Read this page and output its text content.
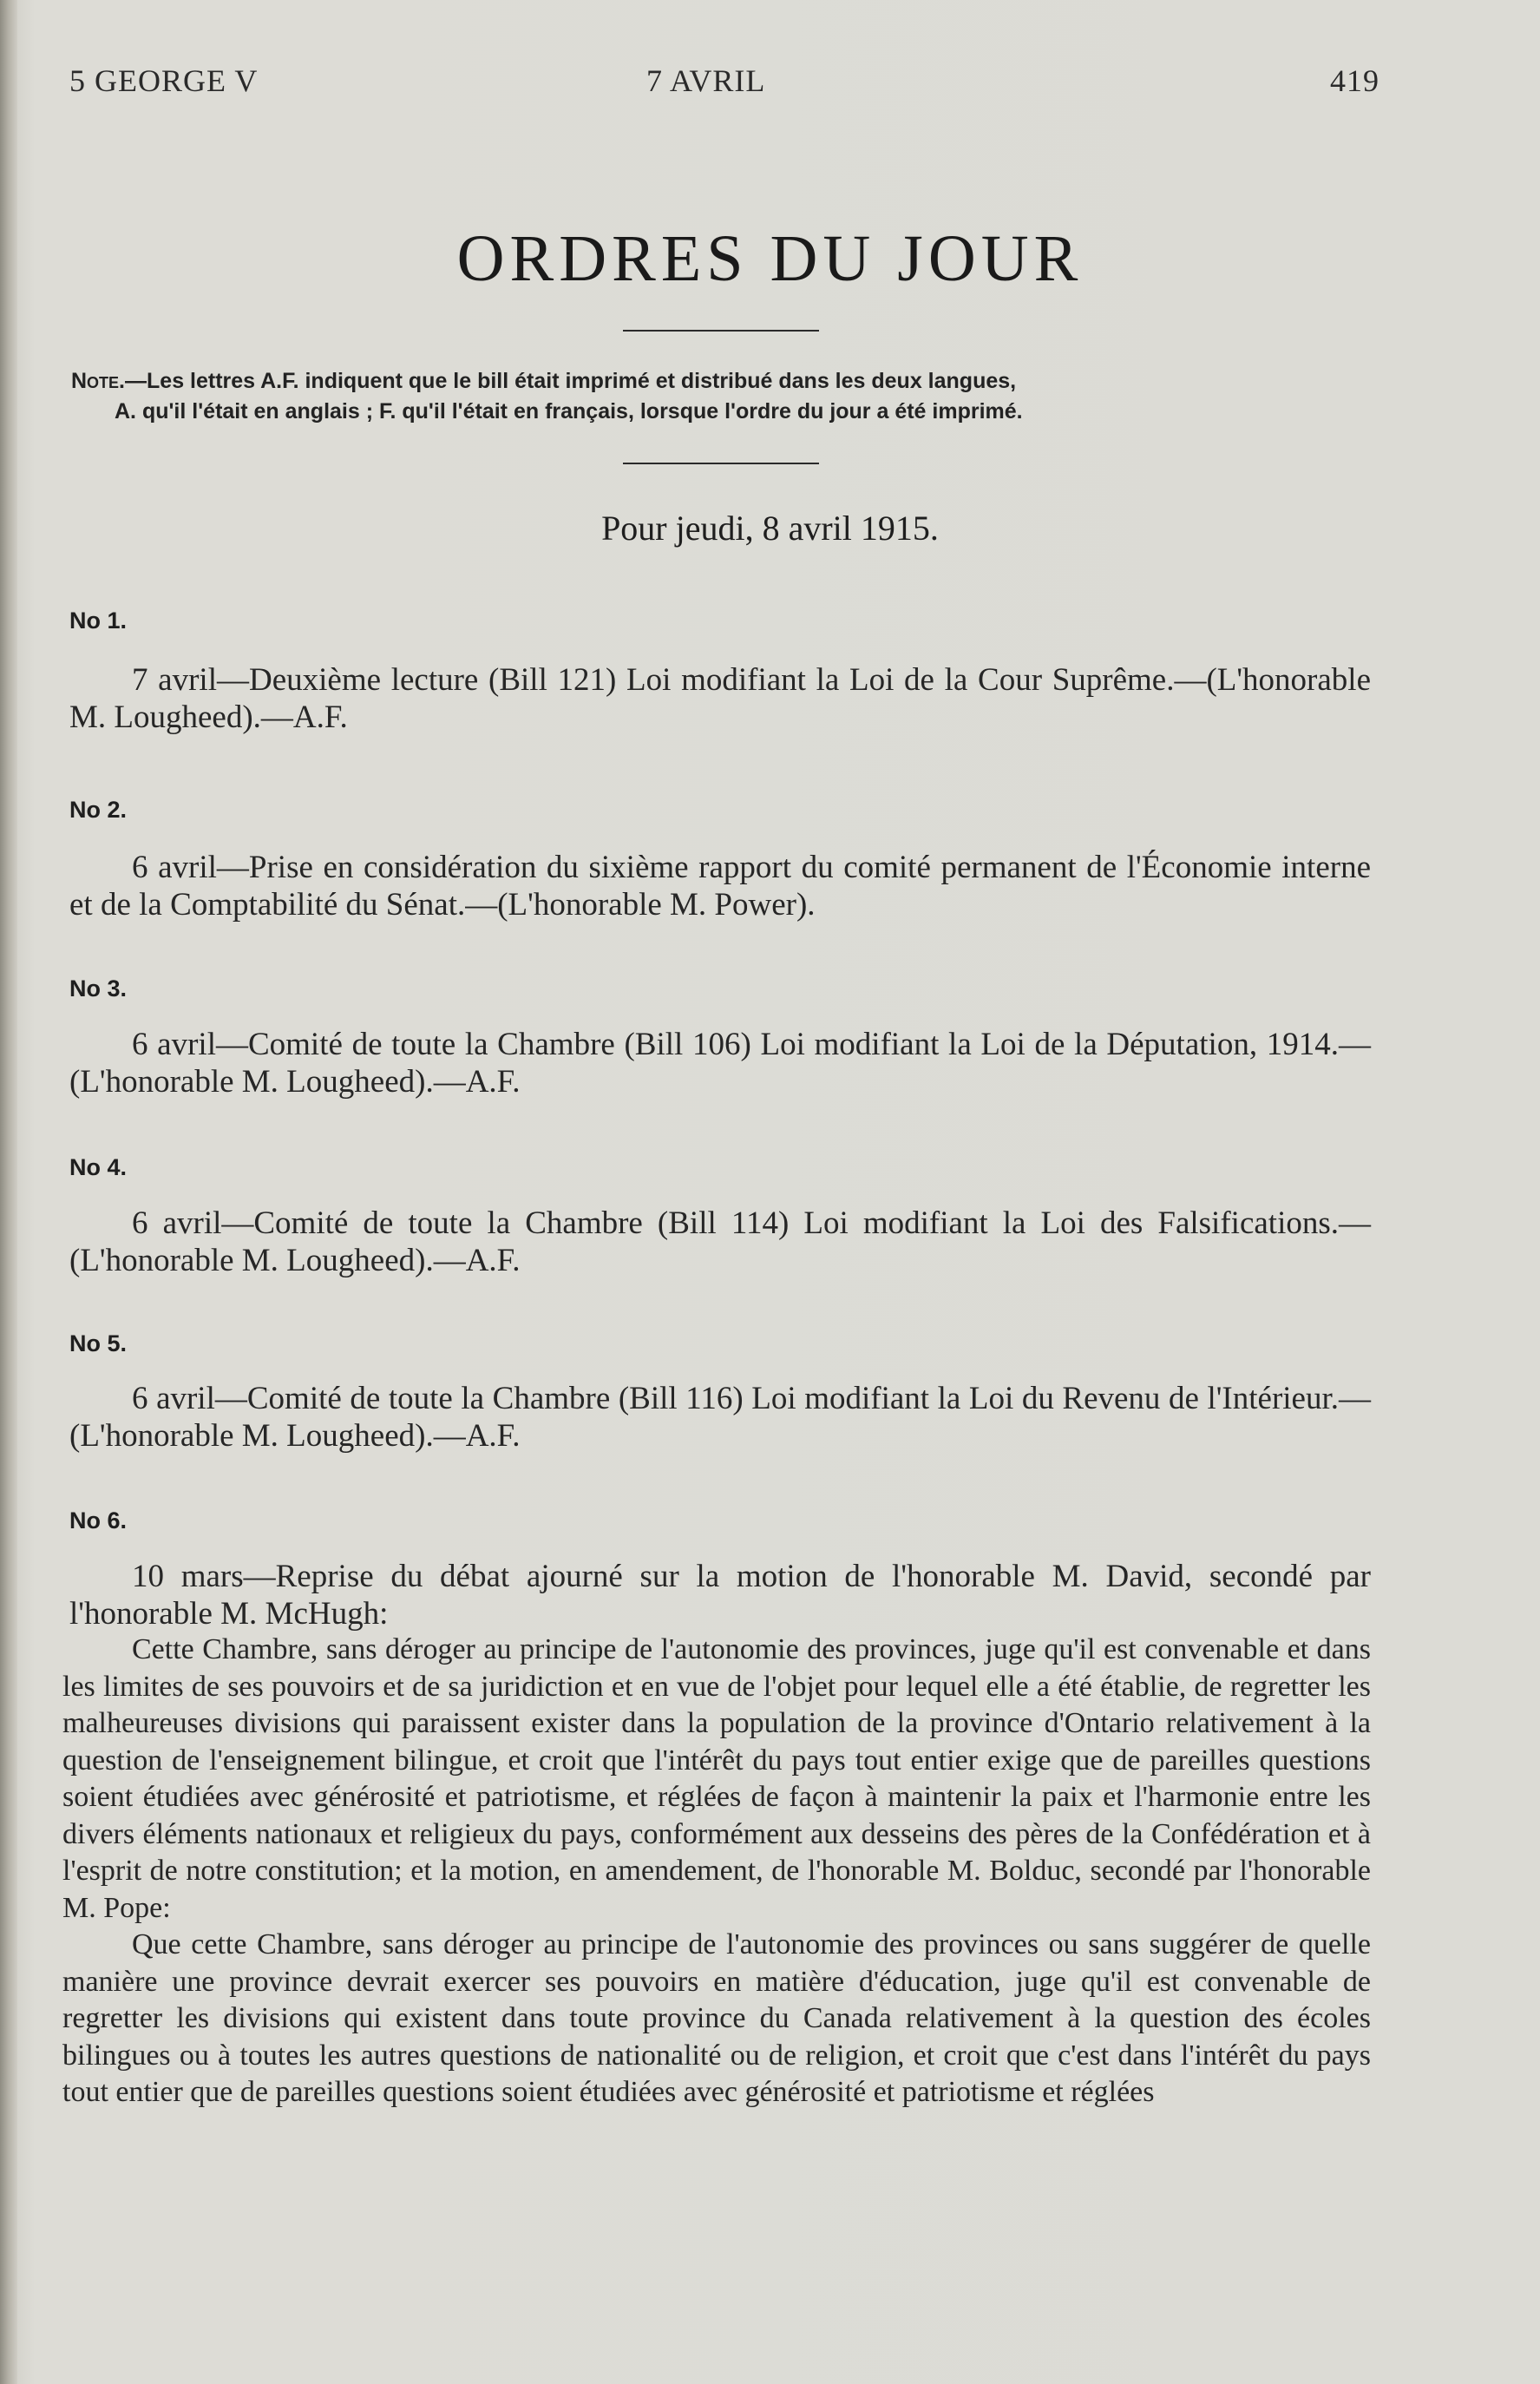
5 GEORGE V	7 AVRIL	419
ORDRES DU JOUR
Note.—Les lettres A.F. indiquent que le bill était imprimé et distribué dans les deux langues,
A. qu'il l'était en anglais ; F. qu'il l'était en français, lorsque l'ordre du jour a été imprimé.
Pour jeudi, 8 avril 1915.
No 1.
7 avril—Deuxième lecture (Bill 121) Loi modifiant la Loi de la Cour Suprême.—(L'honorable M. Lougheed).—A.F.
No 2.
6 avril—Prise en considération du sixième rapport du comité permanent de l'Économie interne et de la Comptabilité du Sénat.—(L'honorable M. Power).
No 3.
6 avril—Comité de toute la Chambre (Bill 106) Loi modifiant la Loi de la Députation, 1914.—(L'honorable M. Lougheed).—A.F.
No 4.
6 avril—Comité de toute la Chambre (Bill 114) Loi modifiant la Loi des Falsifications.—(L'honorable M. Lougheed).—A.F.
No 5.
6 avril—Comité de toute la Chambre (Bill 116) Loi modifiant la Loi du Revenu de l'Intérieur.—(L'honorable M. Lougheed).—A.F.
No 6.
10 mars—Reprise du débat ajourné sur la motion de l'honorable M. David, secondé par l'honorable M. McHugh:

Cette Chambre, sans déroger au principe de l'autonomie des provinces, juge qu'il est convenable et dans les limites de ses pouvoirs et de sa juridiction et en vue de l'objet pour lequel elle a été établie, de regretter les malheureuses divisions qui paraissent exister dans la population de la province d'Ontario relativement à la question de l'enseignement bilingue, et croit que l'intérêt du pays tout entier exige que de pareilles questions soient étudiées avec générosité et patriotisme, et réglées de façon à maintenir la paix et l'harmonie entre les divers éléments nationaux et religieux du pays, conformément aux desseins des pères de la Confédération et à l'esprit de notre constitution; et la motion, en amendement, de l'honorable M. Bolduc, secondé par l'honorable M. Pope:

Que cette Chambre, sans déroger au principe de l'autonomie des provinces ou sans suggérer de quelle manière une province devrait exercer ses pouvoirs en matière d'éducation, juge qu'il est convenable de regretter les divisions qui existent dans toute province du Canada relativement à la question des écoles bilingues ou à toutes les autres questions de nationalité ou de religion, et croit que c'est dans l'intérêt du pays tout entier que de pareilles questions soient étudiées avec générosité et patriotisme et réglées
